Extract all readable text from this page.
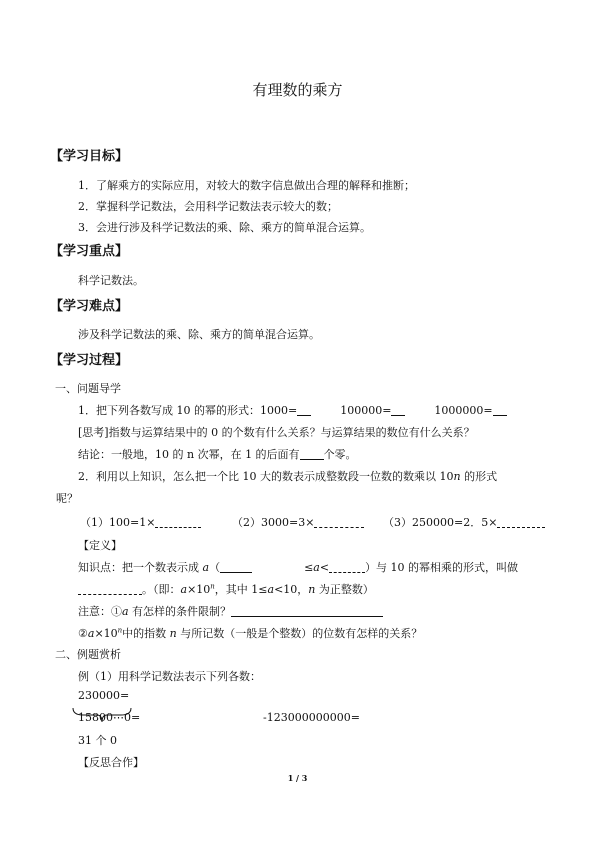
有理数的乘方
【学习目标】
1．了解乘方的实际应用，对较大的数字信息做出合理的解释和推断；
2．掌握科学记数法，会用科学记数法表示较大的数；
3．会进行涉及科学记数法的乘、除、乘方的简单混合运算。
【学习重点】
科学记数法。
【学习难点】
涉及科学记数法的乘、除、乘方的简单混合运算。
【学习过程】
一、问题导学
1．把下列各数写成 10 的幂的形式：1000=	100000=	1000000=
[思考]指数与运算结果中的 0 的个数有什么关系？与运算结果的数位有什么关系？
结论：一般地，10 的 n 次幂，在 1 的后面有 个零。
2．利用以上知识，怎么把一个比 10 大的数表示成整数段一位数的数乘以 10n 的形式
呢？
（1）100=1×	（2）3000=3×	（3）250000=2．5×
【定义】
知识点：把一个数表示成 a（	≤a<	）与 10 的幂相乘的形式，叫做
。（即：$a\times 10^n$，其中 1≤a<10，n 为正整数）
注意：①a 有怎样的条件限制？
$②a\times 10^n$中的指数 n 与所记数（一般是个整数）的位数有怎样的关系？
二、例题赏析
例（1）用科学记数法表示下列各数：
230000=
15800⋯0=	-123000000000=
31 个 0
【反思合作】
1 / 3
